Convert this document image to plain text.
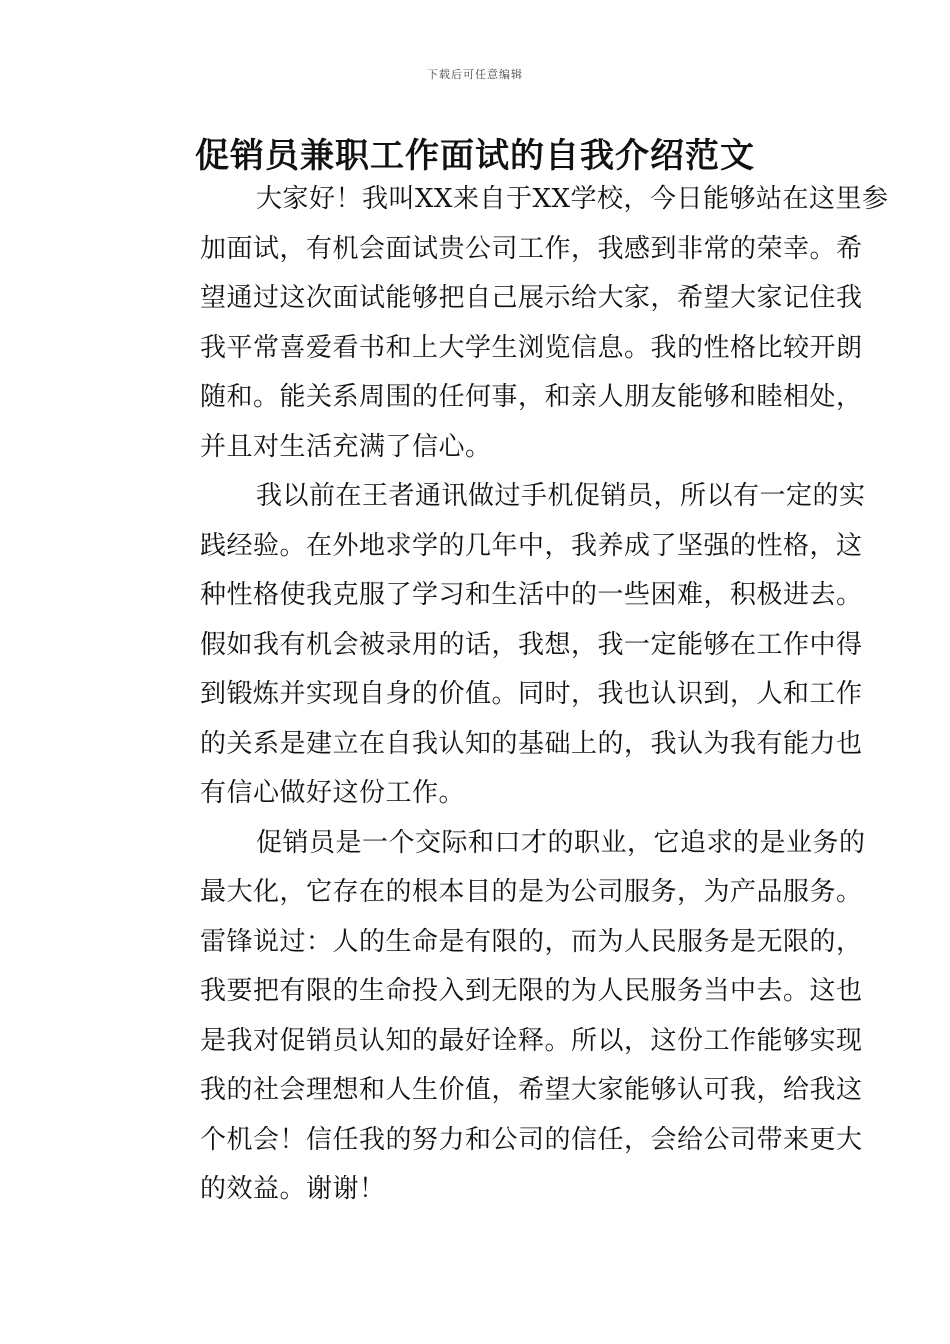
下载后可任意编辑
促销员兼职工作面试的自我介绍范文
大家好！我叫XX来自于XX学校，今日能够站在这里参
加面试，有机会面试贵公司工作，我感到非常的荣幸。希
望通过这次面试能够把自己展示给大家，希望大家记住我
我平常喜爱看书和上大学生浏览信息。我的性格比较开朗
随和。能关系周围的任何事，和亲人朋友能够和睦相处，
并且对生活充满了信心。
我以前在王者通讯做过手机促销员，所以有一定的实
践经验。在外地求学的几年中，我养成了坚强的性格，这
种性格使我克服了学习和生活中的一些困难，积极进去。
假如我有机会被录用的话，我想，我一定能够在工作中得
到锻炼并实现自身的价值。同时，我也认识到，人和工作
的关系是建立在自我认知的基础上的，我认为我有能力也
有信心做好这份工作。
促销员是一个交际和口才的职业，它追求的是业务的
最大化，它存在的根本目的是为公司服务，为产品服务。
雷锋说过：人的生命是有限的，而为人民服务是无限的，
我要把有限的生命投入到无限的为人民服务当中去。这也
是我对促销员认知的最好诠释。所以，这份工作能够实现
我的社会理想和人生价值，希望大家能够认可我，给我这
个机会！信任我的努力和公司的信任，会给公司带来更大
的效益。谢谢！
